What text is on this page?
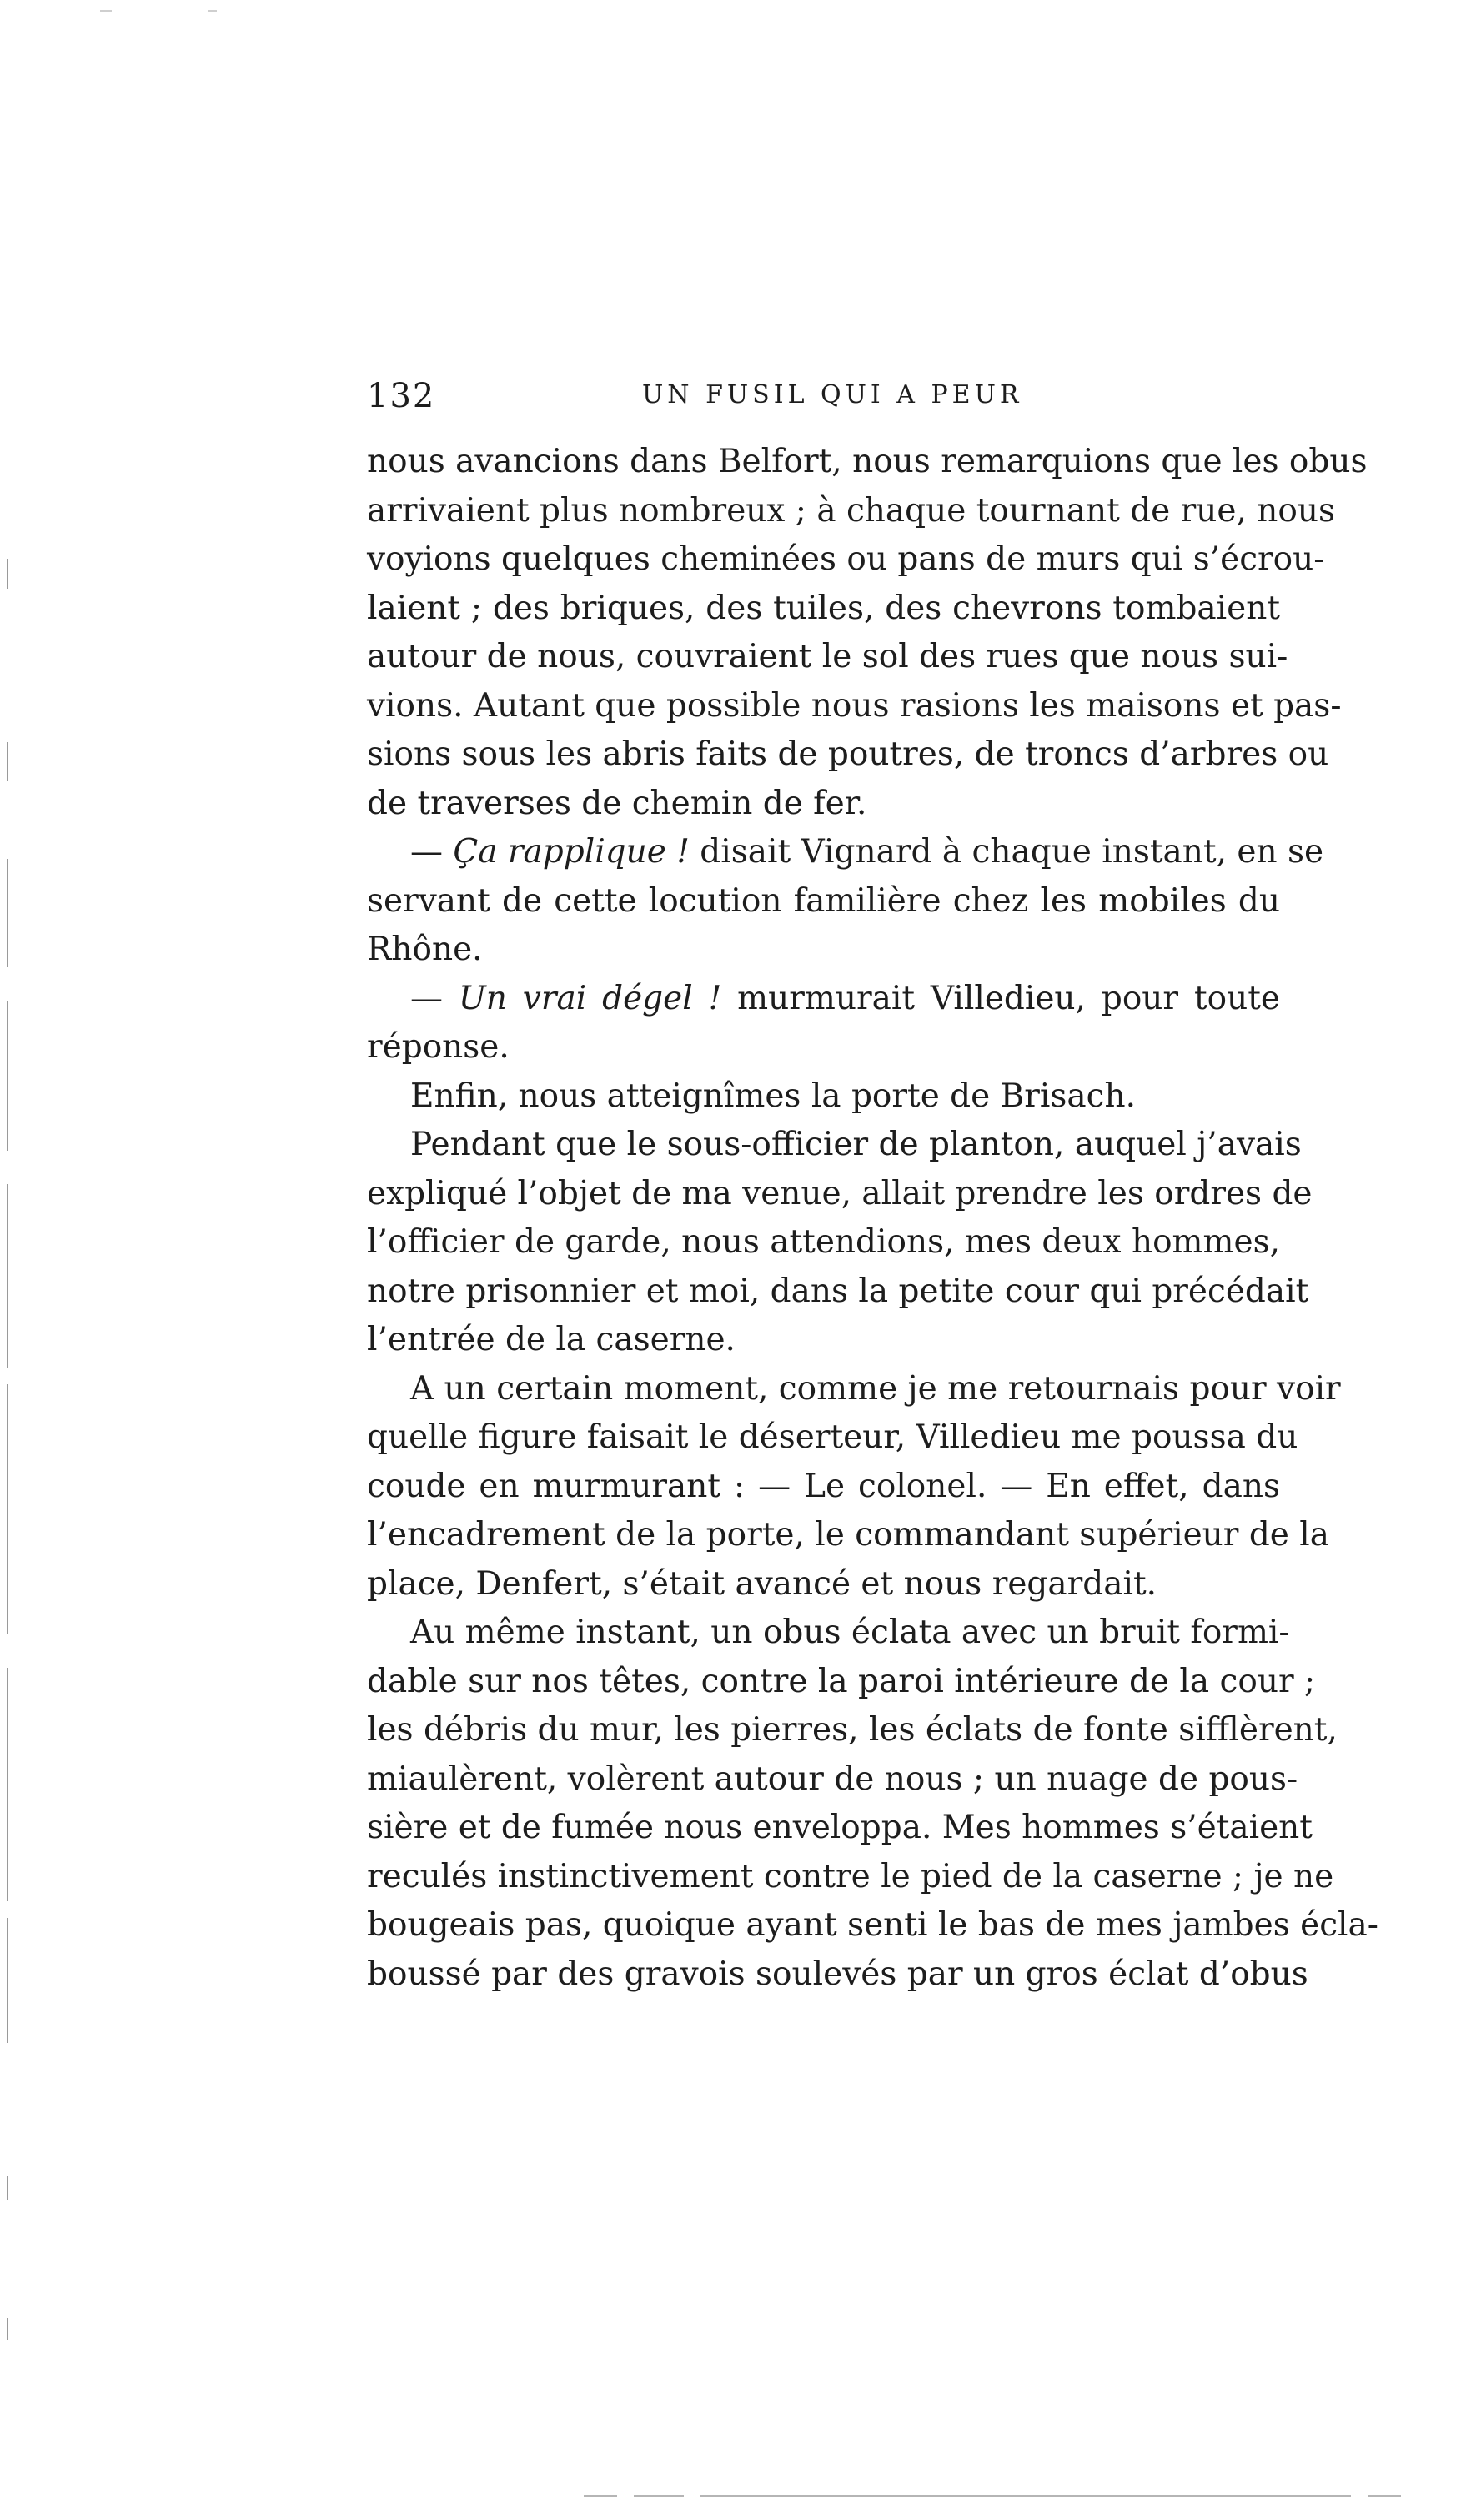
132	UN FUSIL QUI A PEUR
nous avancions dans Belfort, nous remarquions que les obus
arrivaient plus nombreux ; à chaque tournant de rue, nous
voyions quelques cheminées ou pans de murs qui s’écrou-
laient ; des briques, des tuiles, des chevrons tombaient
autour de nous, couvraient le sol des rues que nous sui-
vions. Autant que possible nous rasions les maisons et pas-
sions sous les abris faits de poutres, de troncs d’arbres ou
de traverses de chemin de fer.
— Ça rapplique ! disait Vignard à chaque instant, en se
servant de cette locution familière chez les mobiles du
Rhône.
— Un vrai dégel ! murmurait Villedieu, pour toute
réponse.
Enfin, nous atteignîmes la porte de Brisach.
Pendant que le sous-officier de planton, auquel j’avais
expliqué l’objet de ma venue, allait prendre les ordres de
l’officier de garde, nous attendions, mes deux hommes,
notre prisonnier et moi, dans la petite cour qui précédait
l’entrée de la caserne.
A un certain moment, comme je me retournais pour voir
quelle figure faisait le déserteur, Villedieu me poussa du
coude en murmurant : — Le colonel. — En effet, dans
l’encadrement de la porte, le commandant supérieur de la
place, Denfert, s’était avancé et nous regardait.
Au même instant, un obus éclata avec un bruit formi-
dable sur nos têtes, contre la paroi intérieure de la cour ;
les débris du mur, les pierres, les éclats de fonte sifflèrent,
miaulèrent, volèrent autour de nous ; un nuage de pous-
sière et de fumée nous enveloppa. Mes hommes s’étaient
reculés instinctivement contre le pied de la caserne ; je ne
bougeais pas, quoique ayant senti le bas de mes jambes écla-
boussé par des gravois soulevés par un gros éclat d’obus
